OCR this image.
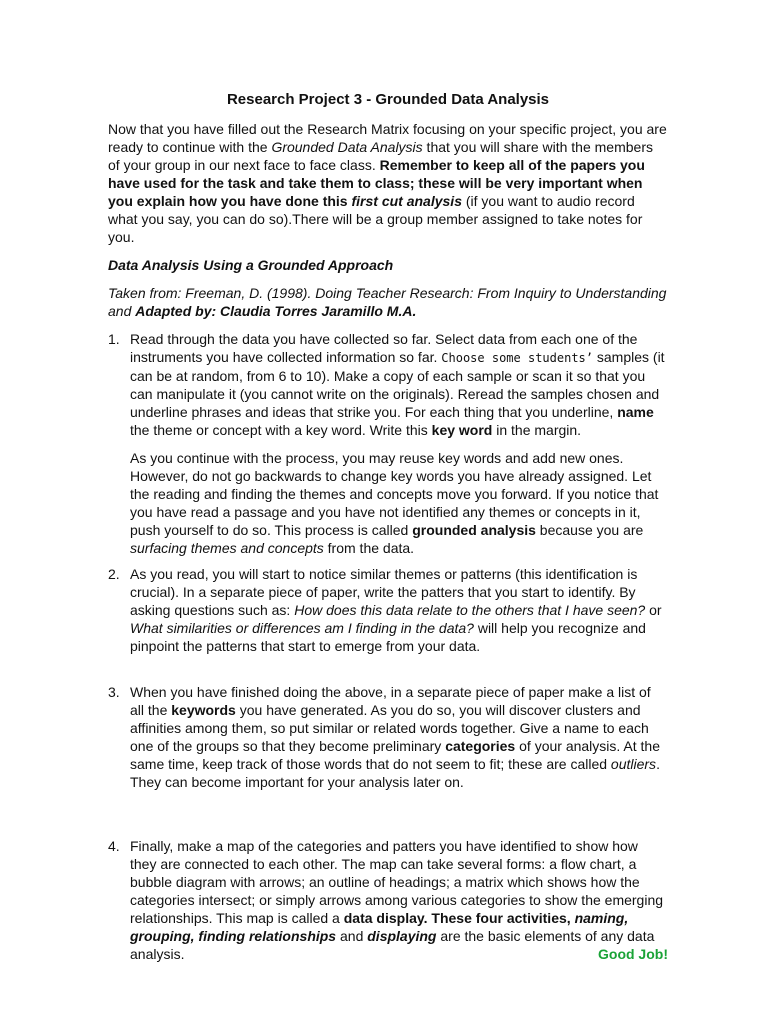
Research Project 3 - Grounded Data Analysis

Now that you have filled out the Research Matrix focusing on your specific project, you are ready to continue with the Grounded Data Analysis that you will share with the members of your group in our next face to face class. Remember to keep all of the papers you have used for the task and take them to class; these will be very important when you explain how you have done this first cut analysis (if you want to audio record what you say, you can do so).There will be a group member assigned to take notes for you.

Data Analysis Using a Grounded Approach

Taken from: Freeman, D. (1998). Doing Teacher Research: From Inquiry to Understanding and Adapted by: Claudia Torres Jaramillo M.A.

1. Read through the data you have collected so far. Select data from each one of the instruments you have collected information so far. Choose some students’ samples (it can be at random, from 6 to 10). Make a copy of each sample or scan it so that you can manipulate it (you cannot write on the originals). Reread the samples chosen and underline phrases and ideas that strike you. For each thing that you underline, name the theme or concept with a key word. Write this key word in the margin.
As you continue with the process, you may reuse key words and add new ones. However, do not go backwards to change key words you have already assigned. Let the reading and finding the themes and concepts move you forward. If you notice that you have read a passage and you have not identified any themes or concepts in it, push yourself to do so. This process is called grounded analysis because you are surfacing themes and concepts from the data.
2. As you read, you will start to notice similar themes or patterns (this identification is crucial). In a separate piece of paper, write the patters that you start to identify. By asking questions such as: How does this data relate to the others that I have seen? or What similarities or differences am I finding in the data? will help you recognize and pinpoint the patterns that start to emerge from your data.
3. When you have finished doing the above, in a separate piece of paper make a list of all the keywords you have generated. As you do so, you will discover clusters and affinities among them, so put similar or related words together. Give a name to each one of the groups so that they become preliminary categories of your analysis. At the same time, keep track of those words that do not seem to fit; these are called outliers. They can become important for your analysis later on.
4. Finally, make a map of the categories and patters you have identified to show how they are connected to each other. The map can take several forms: a flow chart, a bubble diagram with arrows; an outline of headings; a matrix which shows how the categories intersect; or simply arrows among various categories to show the emerging relationships. This map is called a data display. These four activities, naming, grouping, finding relationships and displaying are the basic elements of any data analysis.	Good Job!
